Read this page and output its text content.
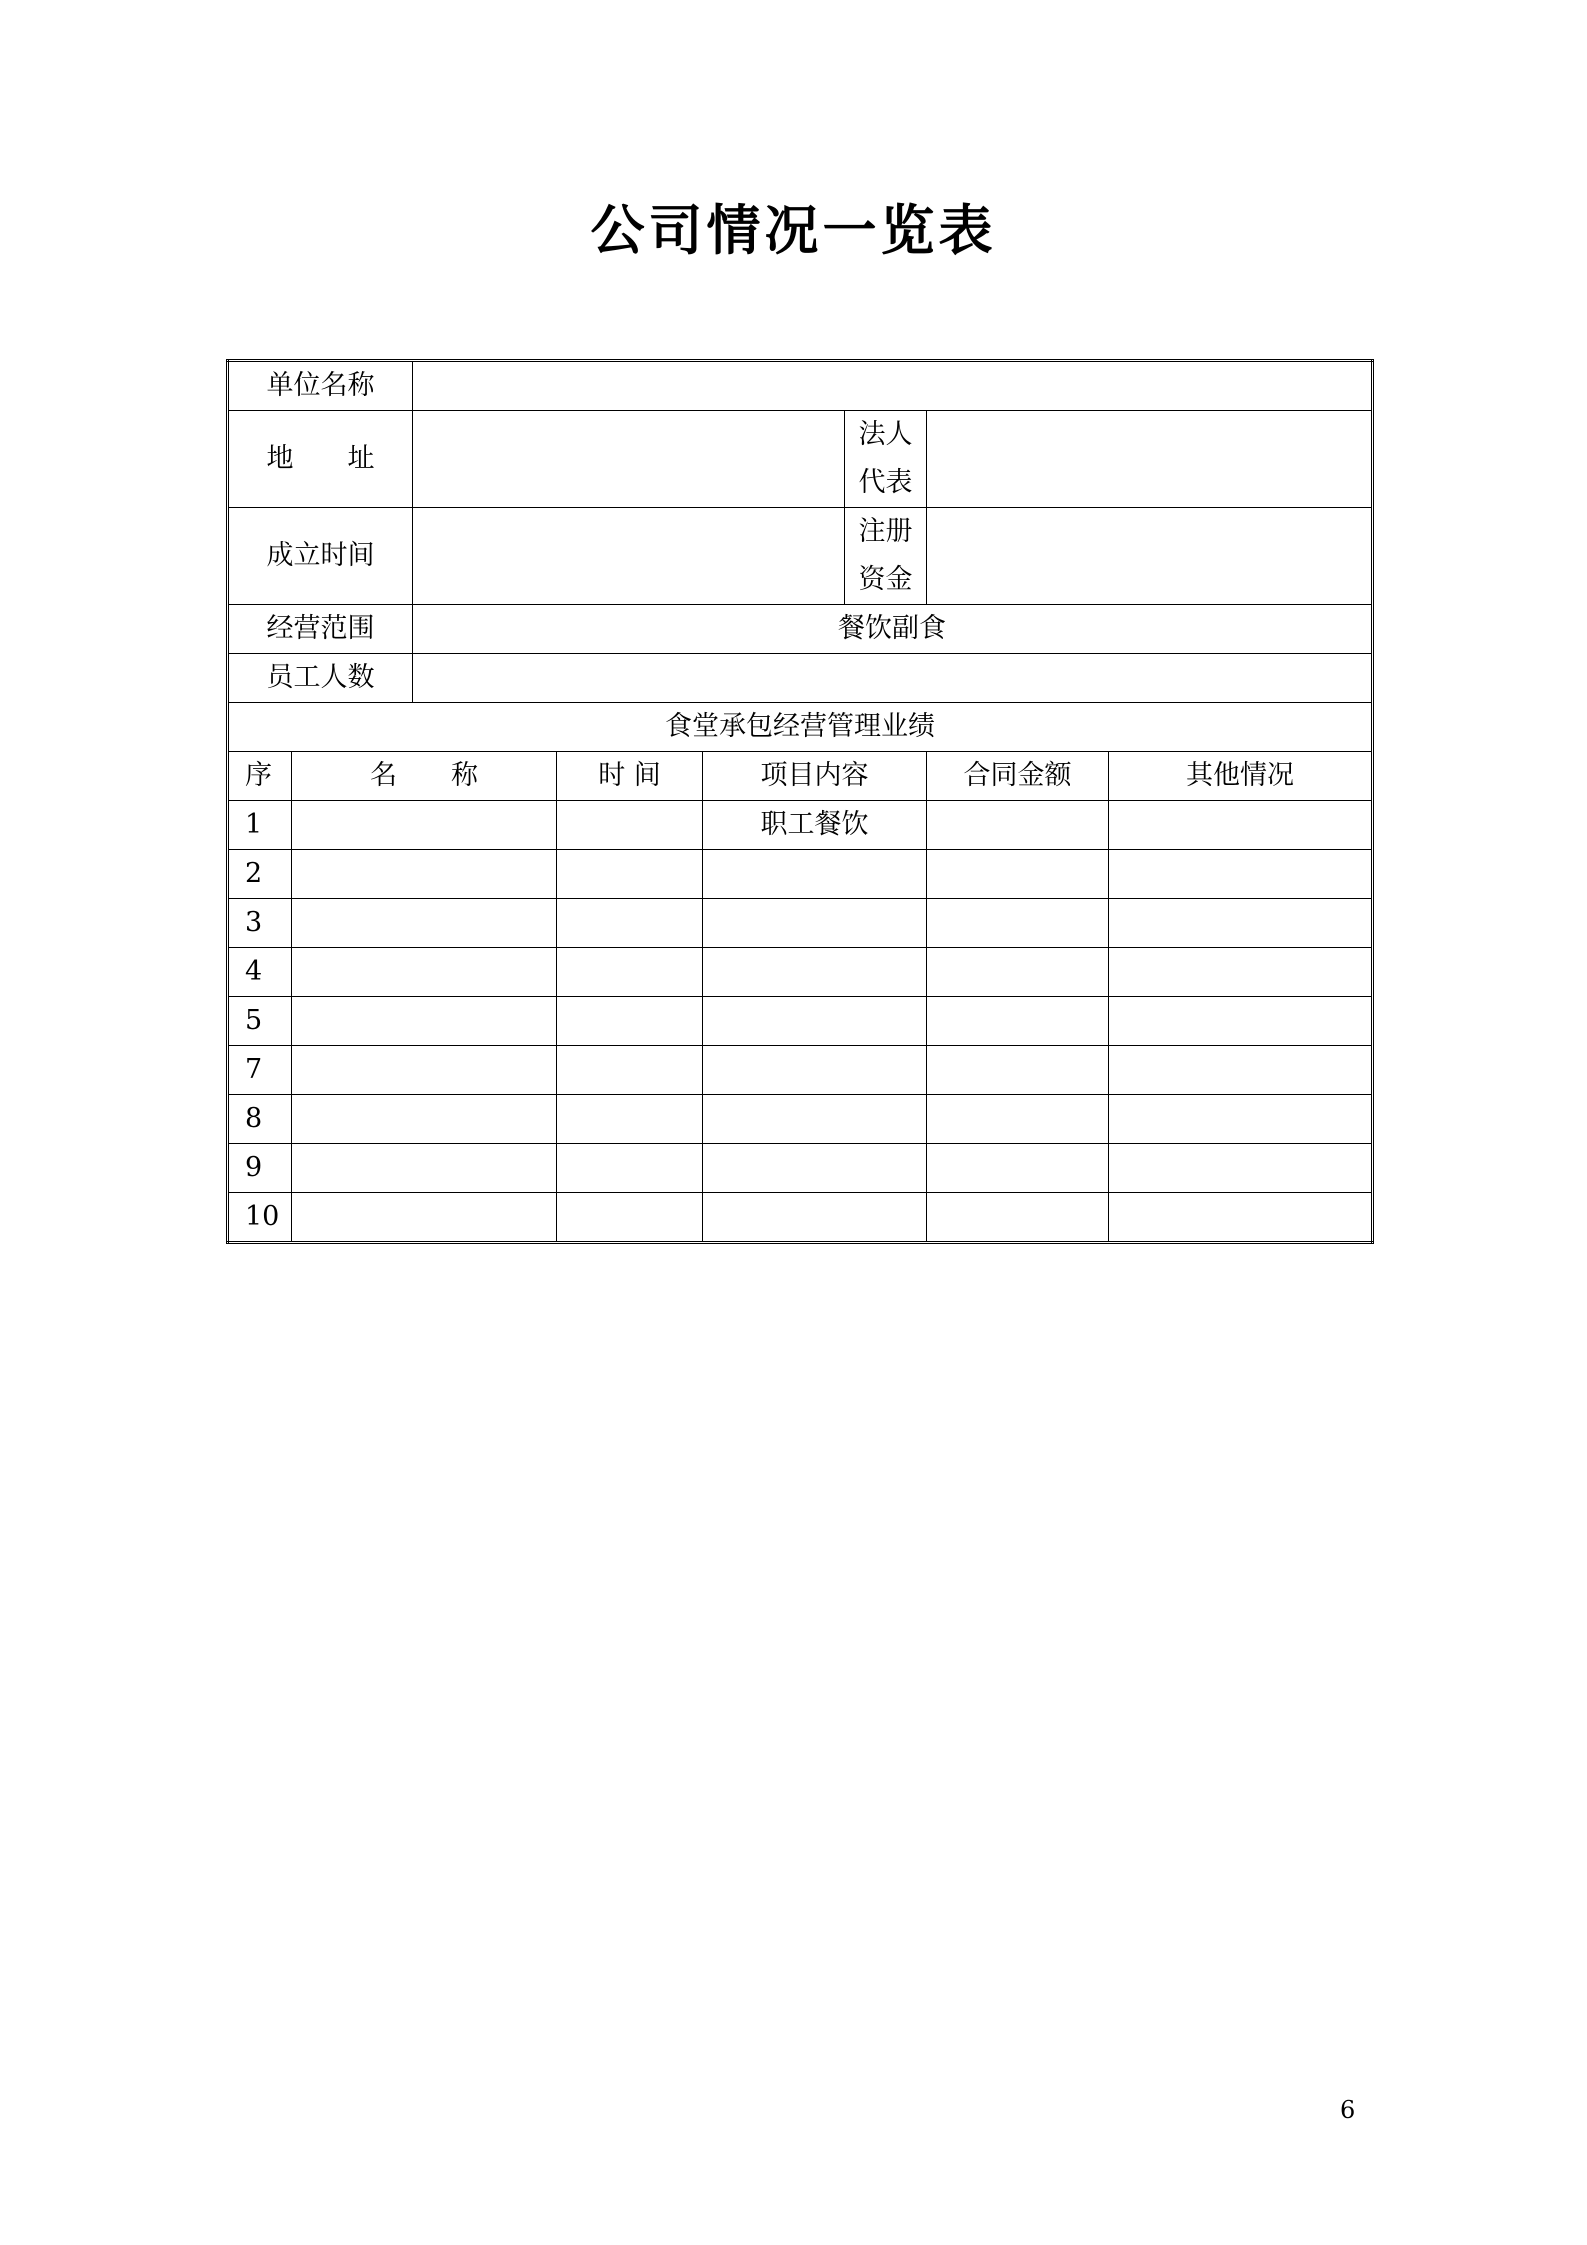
公司情况一览表
单位名称							
地　　址					法人
代表		

成立时间					注册
资金		

经营范围		餐饮副食					
员工人数							
食堂承包经营管理业绩							
序	名　　称		时 间	项目内容		合同金额	其他情况
1				职工餐饮			
2							
3							
4							
5							
7							
8							
9							
10							
6
